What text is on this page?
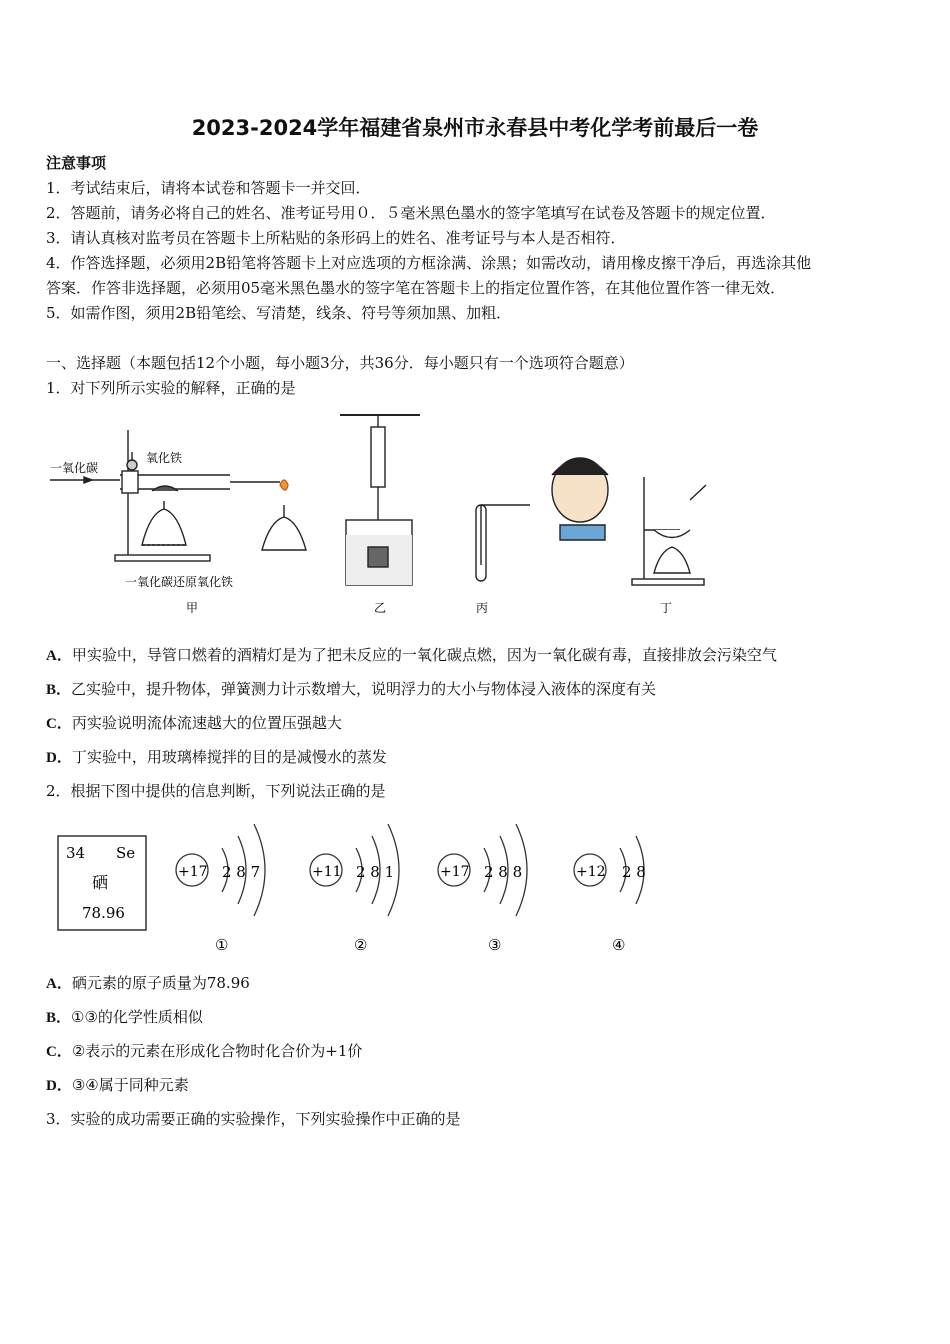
2023-2024学年福建省泉州市永春县中考化学考前最后一卷
注意事项
1．考试结束后，请将本试卷和答题卡一并交回．
2．答题前，请务必将自己的姓名、准考证号用０．５毫米黑色墨水的签字笔填写在试卷及答题卡的规定位置．
3．请认真核对监考员在答题卡上所粘贴的条形码上的姓名、准考证号与本人是否相符．
4．作答选择题，必须用2B铅笔将答题卡上对应选项的方框涂满、涂黑；如需改动，请用橡皮擦干净后，再选涂其他
答案．作答非选择题，必须用05毫米黑色墨水的签字笔在答题卡上的指定位置作答，在其他位置作答一律无效．
5．如需作图，须用2B铅笔绘、写清楚，线条、符号等须加黑、加粗．
一、选择题（本题包括12个小题，每小题3分，共36分．每小题只有一个选项符合题意）
1．对下列所示实验的解释，正确的是
一氧化碳
氧化铁
一氧化碳还原氧化铁
甲	乙	丙	丁
A．甲实验中，导管口燃着的酒精灯是为了把未反应的一氧化碳点燃，因为一氧化碳有毒，直接排放会污染空气
B．乙实验中，提升物体，弹簧测力计示数增大，说明浮力的大小与物体浸入液体的深度有关
C．丙实验说明流体流速越大的位置压强越大
D．丁实验中，用玻璃棒搅拌的目的是减慢水的蒸发
2．根据下图中提供的信息判断，下列说法正确的是
34 Se
硒
78.96
+17 2 8 7
①
+11 2 8 1
②
+17 2 8 8
③
+12 2 8
④
A．硒元素的原子质量为78.96
B．①③的化学性质相似
C．②表示的元素在形成化合物时化合价为+1价
D．③④属于同种元素
3．实验的成功需要正确的实验操作，下列实验操作中正确的是
